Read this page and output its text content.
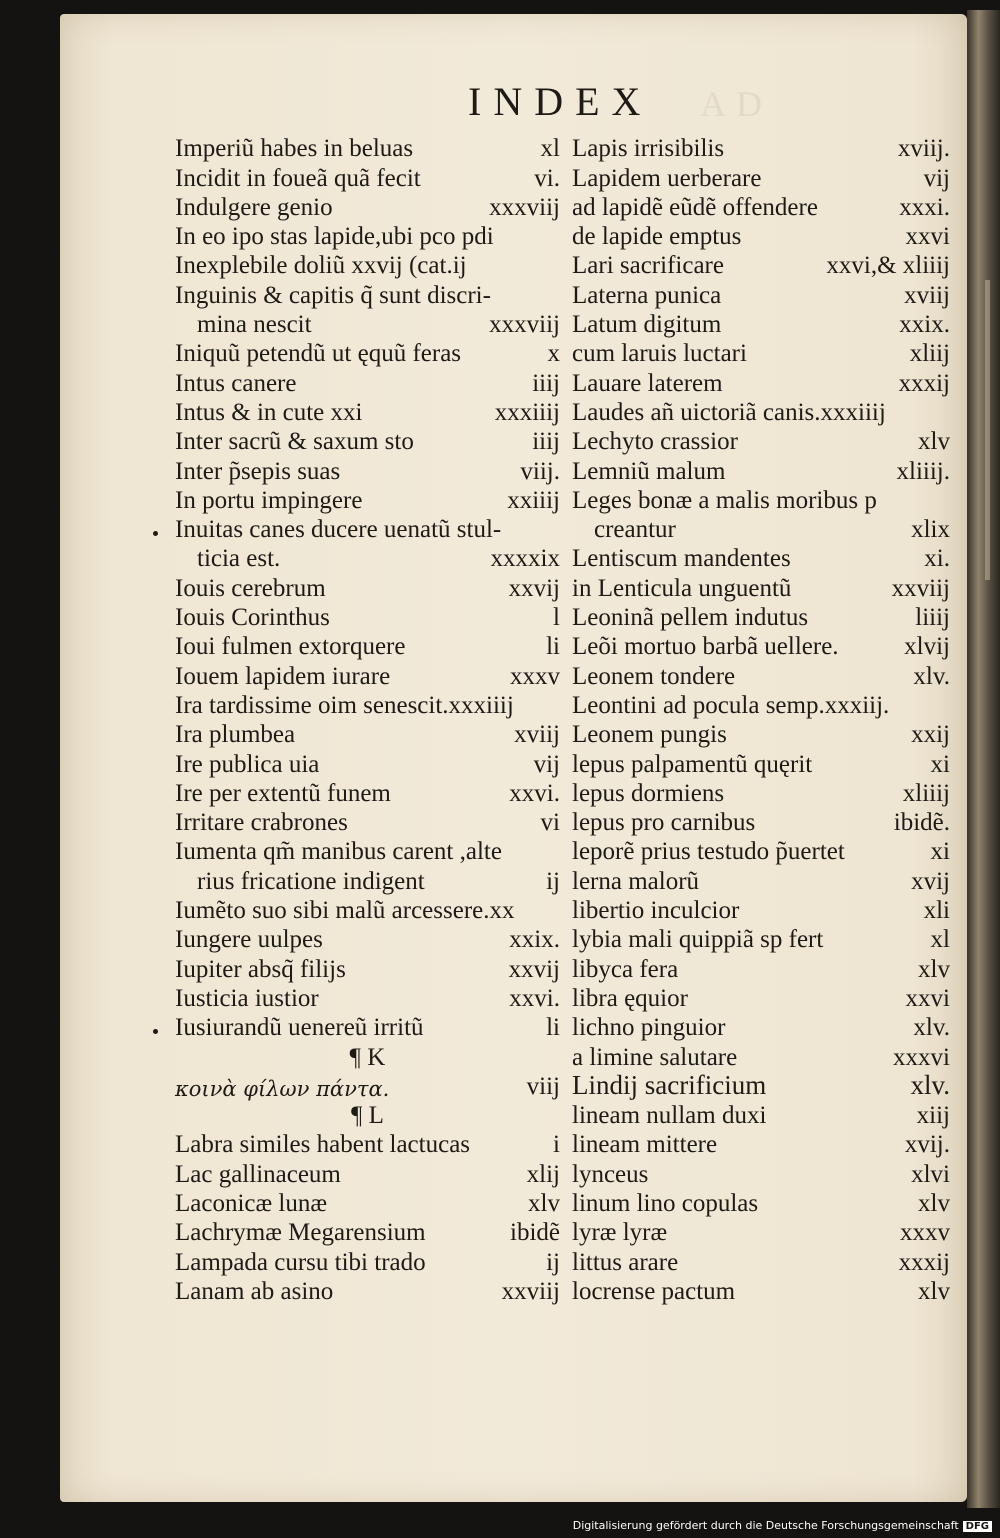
AD
INDEX
Imperiũ habes in beluas	xl
Incidit in foueã quã fecit	vi.
Indulgere genio	xxxviij
In eo ipo stas lapide,ubi pco pdi
Inexplebile doliũ xxvij (cat.ij
Inguinis & capitis q̃ sunt discri-
mina nescit	xxxviij
Iniquũ petendũ ut ęquũ feras	x
Intus canere	iiij
Intus & in cute xxi	xxxiiij
Inter sacrũ & saxum sto	iiij
Inter p̃sepis suas	viij.
In portu impingere	xxiiij
Inuitas canes ducere uenatũ stul-
ticia est.	xxxxix
Iouis cerebrum	xxvij
Iouis Corinthus	l
Ioui fulmen extorquere	li
Iouem lapidem iurare	xxxv
Ira tardissime oim senescit.xxxiiij
Ira plumbea	xviij
Ire publica uia	vij
Ire per extentũ funem	xxvi.
Irritare crabrones	vi
Iumenta qm̃ manibus carent ,alte
rius fricatione indigent	ij
Iumẽto suo sibi malũ arcessere.xx
Iungere uulpes	xxix.
Iupiter absq̃ filijs	xxvij
Iusticia iustior	xxvi.
Iusiurandũ uenereũ irritũ	li
¶ K
κοινὰ φίλων πάντα.	viij
¶ L
Labra similes habent lactucas	i
Lac gallinaceum	xlij
Laconicæ lunæ	xlv
Lachrymæ Megarensium	ibidẽ
Lampada cursu tibi trado	ij
Lanam ab asino	xxviij
Lapis irrisibilis	xviij.
Lapidem uerberare	vij
ad lapidẽ eũdẽ offendere	xxxi.
de lapide emptus	xxvi
Lari sacrificare	xxvi,& xliiij
Laterna punica	xviij
Latum digitum	xxix.
cum laruis luctari	xliij
Lauare laterem	xxxij
Laudes añ uictoriã canis.xxxiiij
Lechyto crassior	xlv
Lemniũ malum	xliiij.
Leges bonæ a malis moribus p
creantur	xlix
Lentiscum mandentes	xi.
in Lenticula unguentũ	xxviij
Leoninã pellem indutus	liiij
Leõi mortuo barbã uellere.	xlvij
Leonem tondere	xlv.
Leontini ad pocula semp.xxxiij.
Leonem pungis	xxij
lepus palpamentũ quęrit	xi
lepus dormiens	xliiij
lepus pro carnibus	ibidẽ.
leporẽ prius testudo p̃uertet	xi
lerna malorũ	xvij
libertio inculcior	xli
lybia mali quippiã sp fert	xl
libyca fera	xlv
libra ęquior	xxvi
lichno pinguior	xlv.
a limine salutare	xxxvi
Lindij sacrificium	xlv.
lineam nullam duxi	xiij
lineam mittere	xvij.
lynceus	xlvi
linum lino copulas	xlv
lyræ lyræ	xxxv
littus arare	xxxij
locrense pactum	xlv
Digitalisierung gefördert durch die Deutsche Forschungsgemeinschaft DFG
